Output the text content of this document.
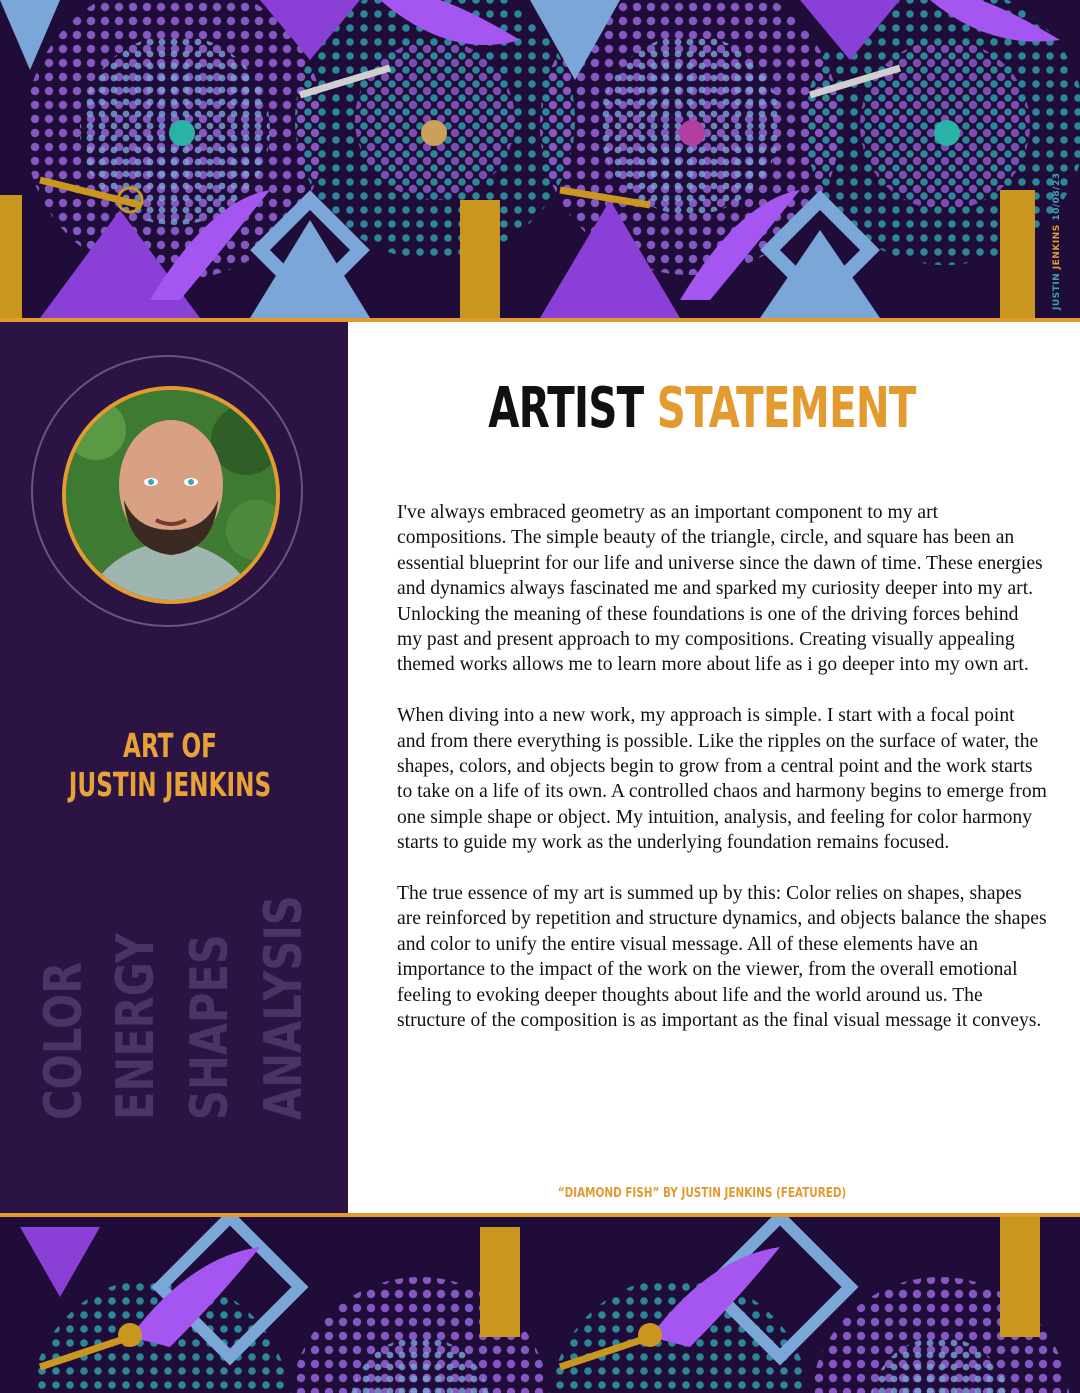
JUSTIN JENKINS 10/08/23
ART OF
JUSTIN JENKINS
COLOR ENERGY SHAPES ANALYSIS
ARTIST STATEMENT

I've always embraced geometry as an important component to my art compositions. The simple beauty of the triangle, circle, and square has been an essential blueprint for our life and universe since the dawn of time. These energies and dynamics always fascinated me and sparked my curiosity deeper into my art. Unlocking the meaning of these foundations is one of the driving forces behind my past and present approach to my compositions. Creating visually appealing themed works allows me to learn more about life as i go deeper into my own art.

When diving into a new work, my approach is simple. I start with a focal point and from there everything is possible. Like the ripples on the surface of water, the shapes, colors, and objects begin to grow from a central point and the work starts to take on a life of its own. A controlled chaos and harmony begins to emerge from one simple shape or object. My intuition, analysis, and feeling for color harmony starts to guide my work as the underlying foundation remains focused.

The true essence of my art is summed up by this: Color relies on shapes, shapes are reinforced by repetition and structure dynamics, and objects balance the shapes and color to unify the entire visual message. All of these elements have an importance to the impact of the work on the viewer, from the overall emotional feeling to evoking deeper thoughts about life and the world around us. The structure of the composition is as important as the final visual message it conveys.

“DIAMOND FISH” BY JUSTIN JENKINS (FEATURED)
